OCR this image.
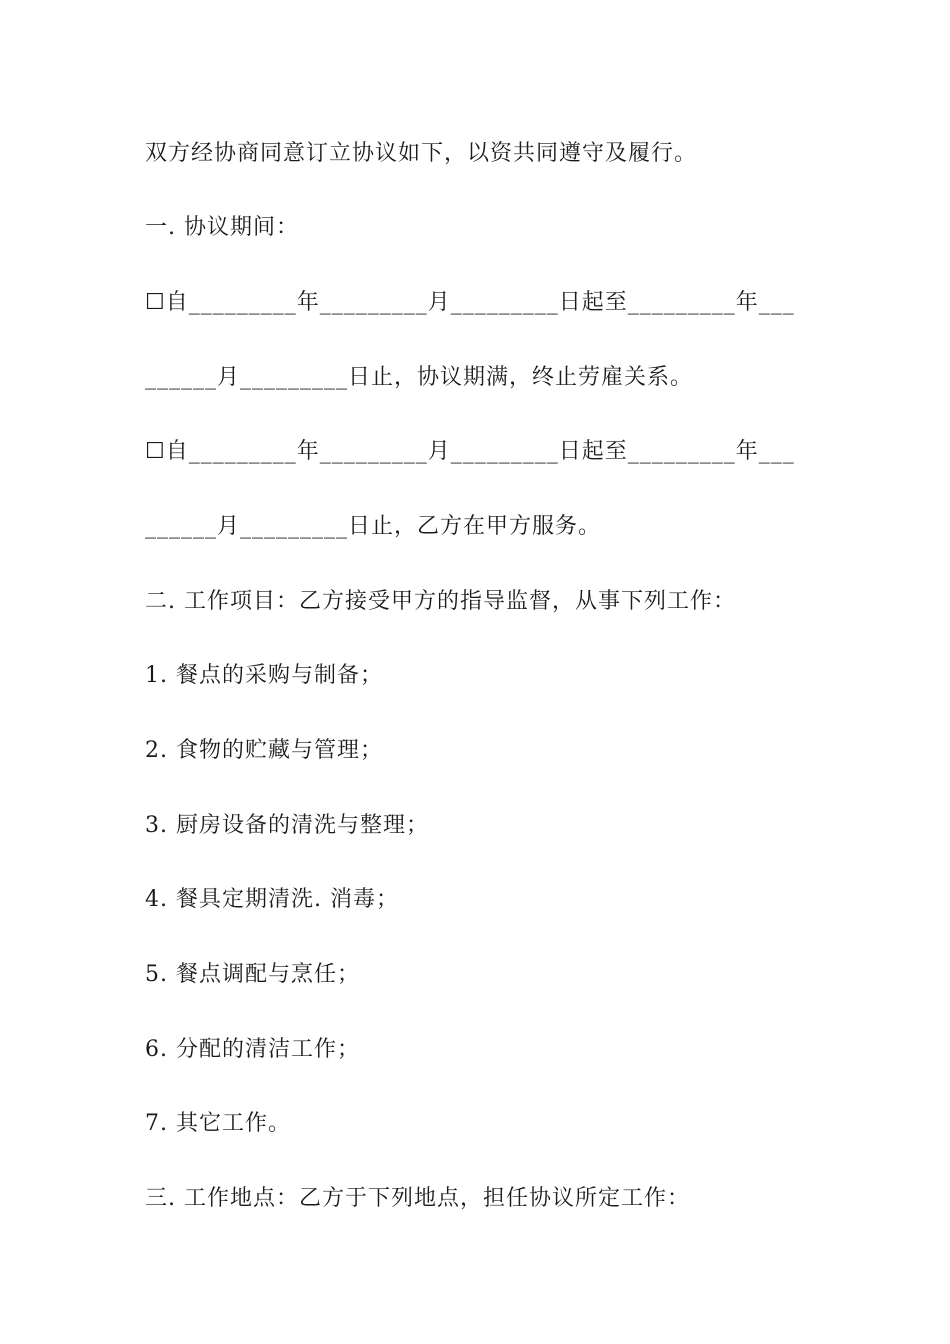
双方经协商同意订立协议如下，以资共同遵守及履行。
一. 协议期间：
☐自_________年_________月_________日起至_________年___
______月_________日止，协议期满，终止劳雇关系。
☐自_________年_________月_________日起至_________年___
______月_________日止，乙方在甲方服务。
二. 工作项目：乙方接受甲方的指导监督，从事下列工作：
1. 餐点的采购与制备；
2. 食物的贮藏与管理；
3. 厨房设备的清洗与整理；
4. 餐具定期清洗. 消毒；
5. 餐点调配与烹任；
6. 分配的清洁工作；
7. 其它工作。
三. 工作地点：乙方于下列地点，担任协议所定工作：
